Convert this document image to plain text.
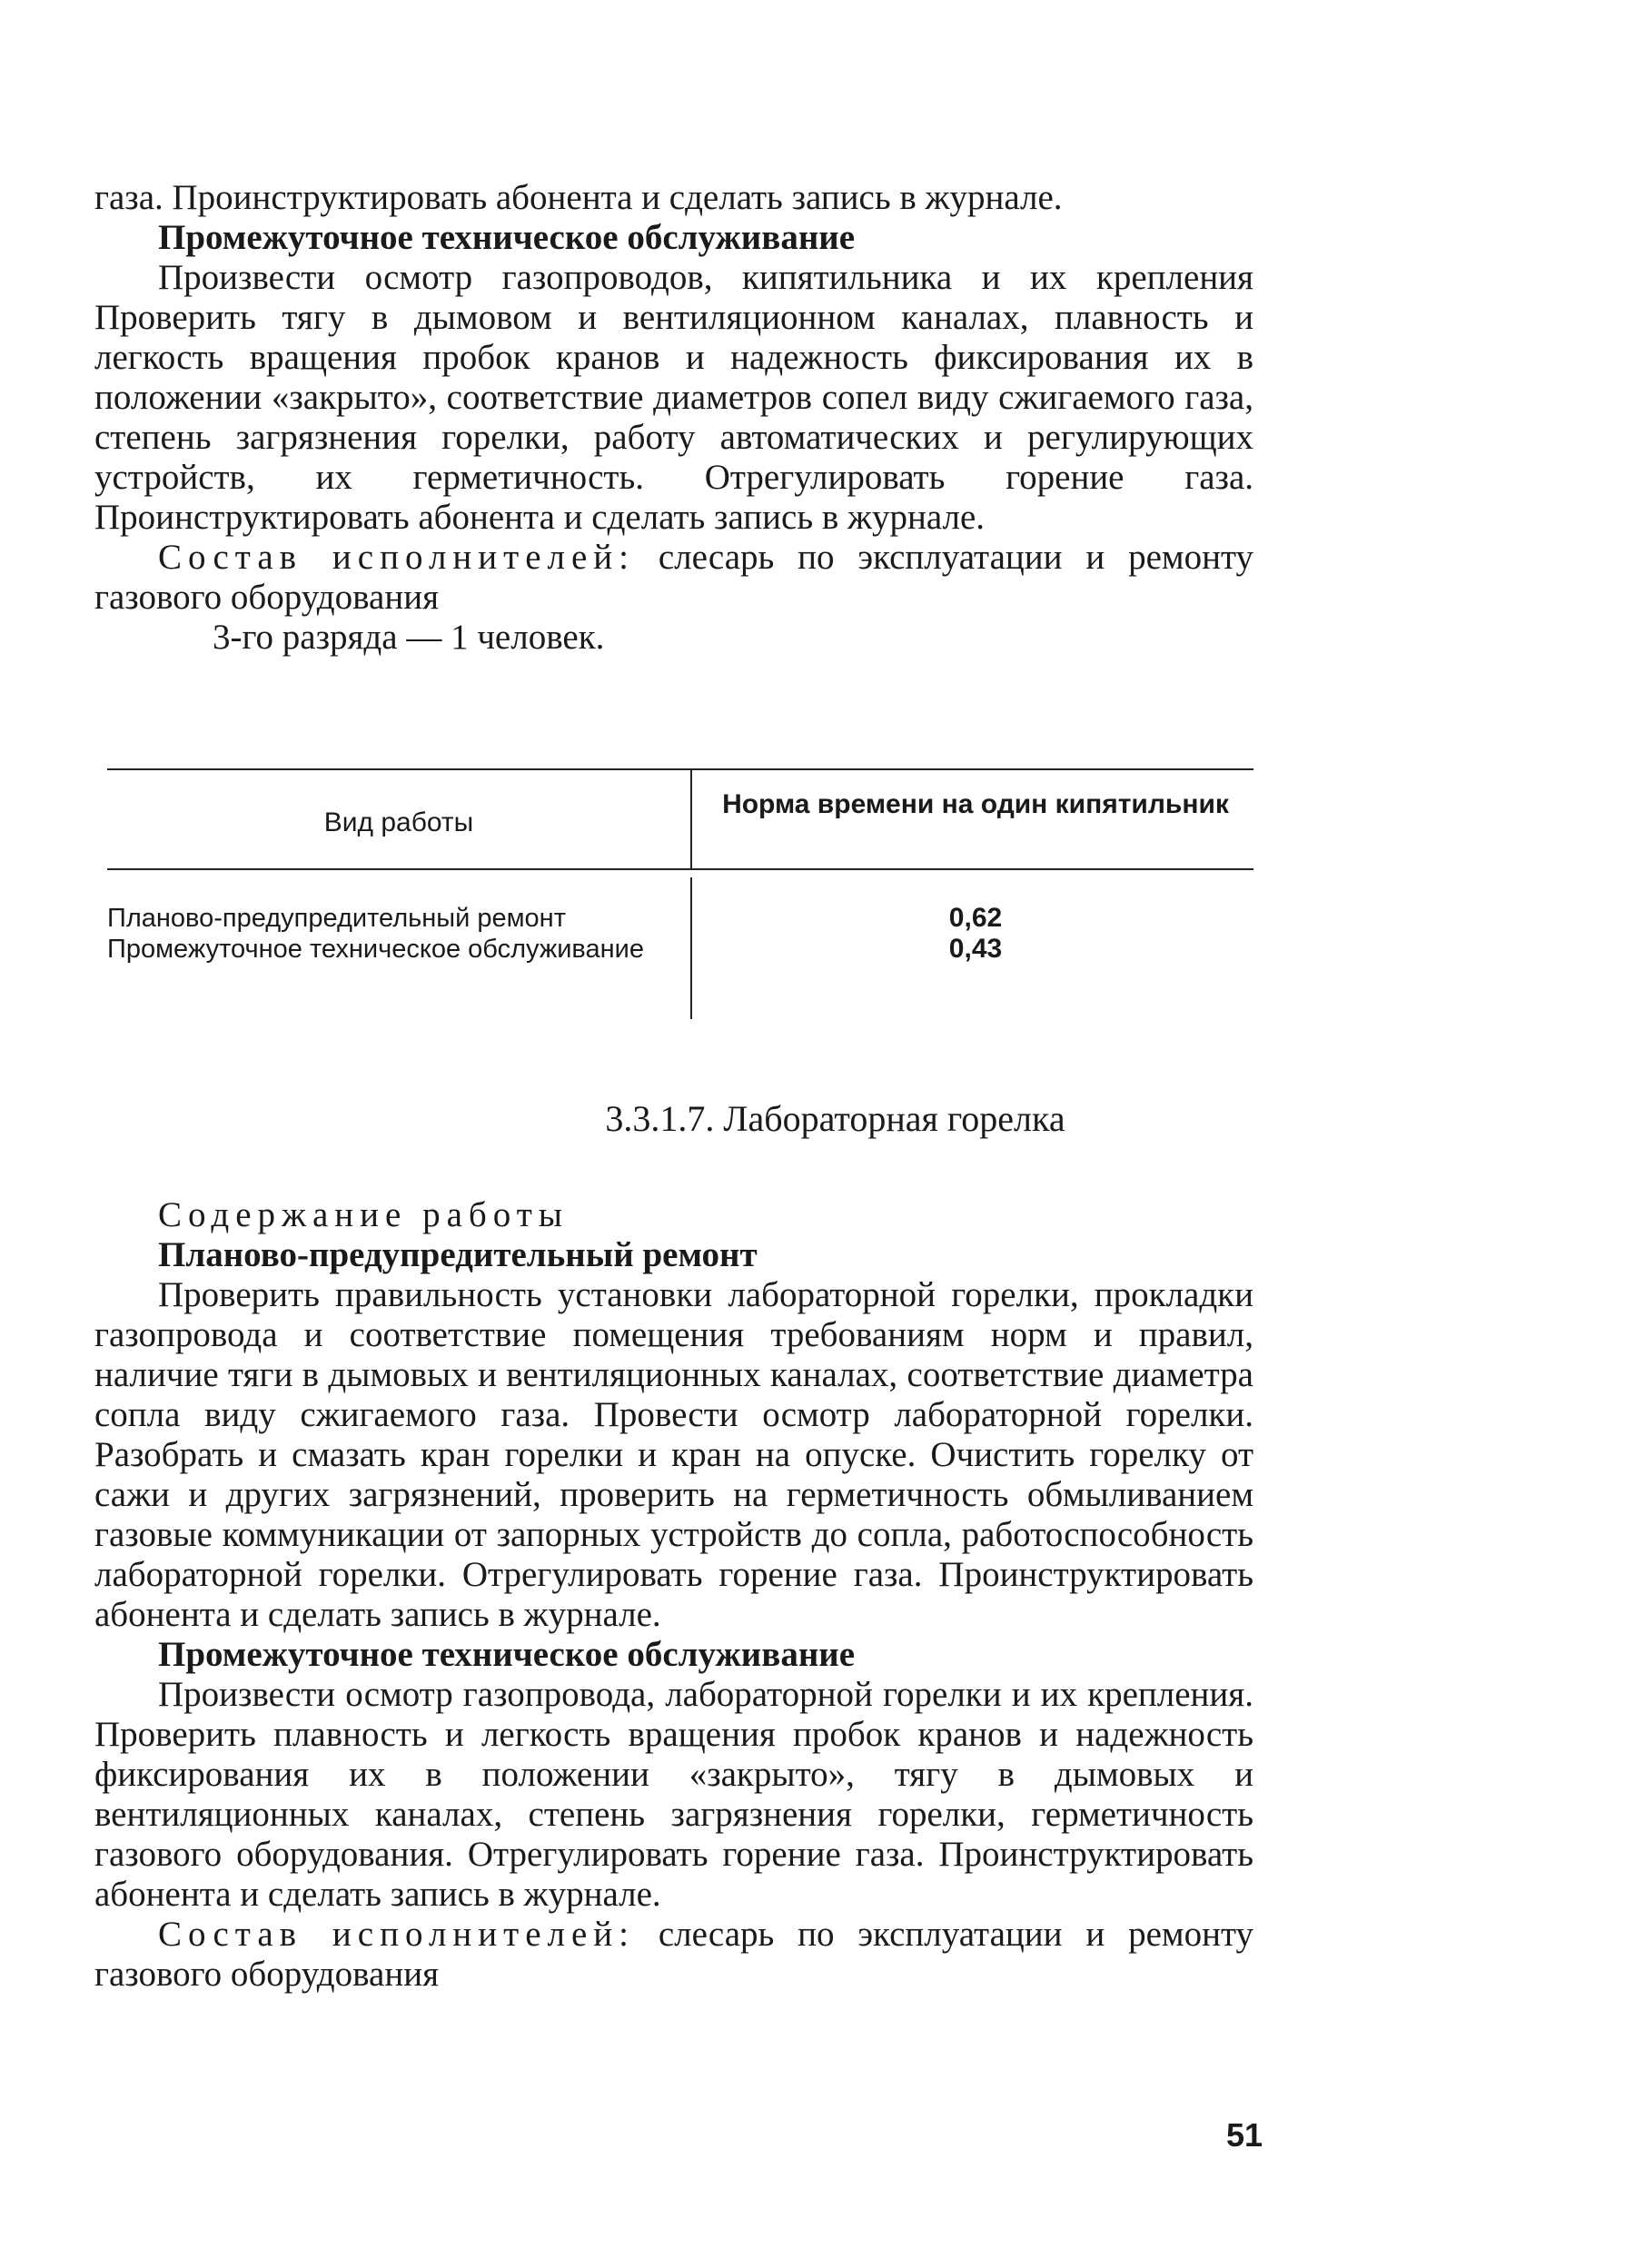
газа. Проинструктировать абонента и сделать запись в журнале.

Промежуточное техническое обслуживание

Произвести осмотр газопроводов, кипятильника и их крепления Проверить тягу в дымовом и вентиляционном каналах, плавность и легкость вращения пробок кранов и надежность фиксирования их в положении «закрыто», соответствие диаметров сопел виду сжигаемого газа, степень загрязнения горелки, работу автоматических и регулирующих устройств, их герметичность. Отрегулировать горение газа. Проинструктировать абонента и сделать запись в журнале.

Состав исполнителей: слесарь по эксплуатации и ремонту газового оборудования

3-го разряда — 1 человек.

Вид работы
Норма времени на один кипятильник
Планово-предупредительный ремонт
Промежуточное техническое обслуживание
0,62
0,43
3.3.1.7. Лабораторная горелка

Содержание работы

Планово-предупредительный ремонт

Проверить правильность установки лабораторной горелки, прокладки газопровода и соответствие помещения требованиям норм и правил, наличие тяги в дымовых и вентиляционных каналах, соответствие диаметра сопла виду сжигаемого газа. Провести осмотр лабораторной горелки. Разобрать и смазать кран горелки и кран на опуске. Очистить горелку от сажи и других загрязнений, проверить на герметичность обмыливанием газовые коммуникации от запорных устройств до сопла, работоспособность лабораторной горелки. Отрегулировать горение газа. Проинструктировать абонента и сделать запись в журнале.

Промежуточное техническое обслуживание

Произвести осмотр газопровода, лабораторной горелки и их крепления. Проверить плавность и легкость вращения пробок кранов и надежность фиксирования их в положении «закрыто», тягу в дымовых и вентиляционных каналах, степень загрязнения горелки, герметичность газового оборудования. Отрегулировать горение газа. Проинструктировать абонента и сделать запись в журнале.

Состав исполнителей: слесарь по эксплуатации и ремонту газового оборудования

51
